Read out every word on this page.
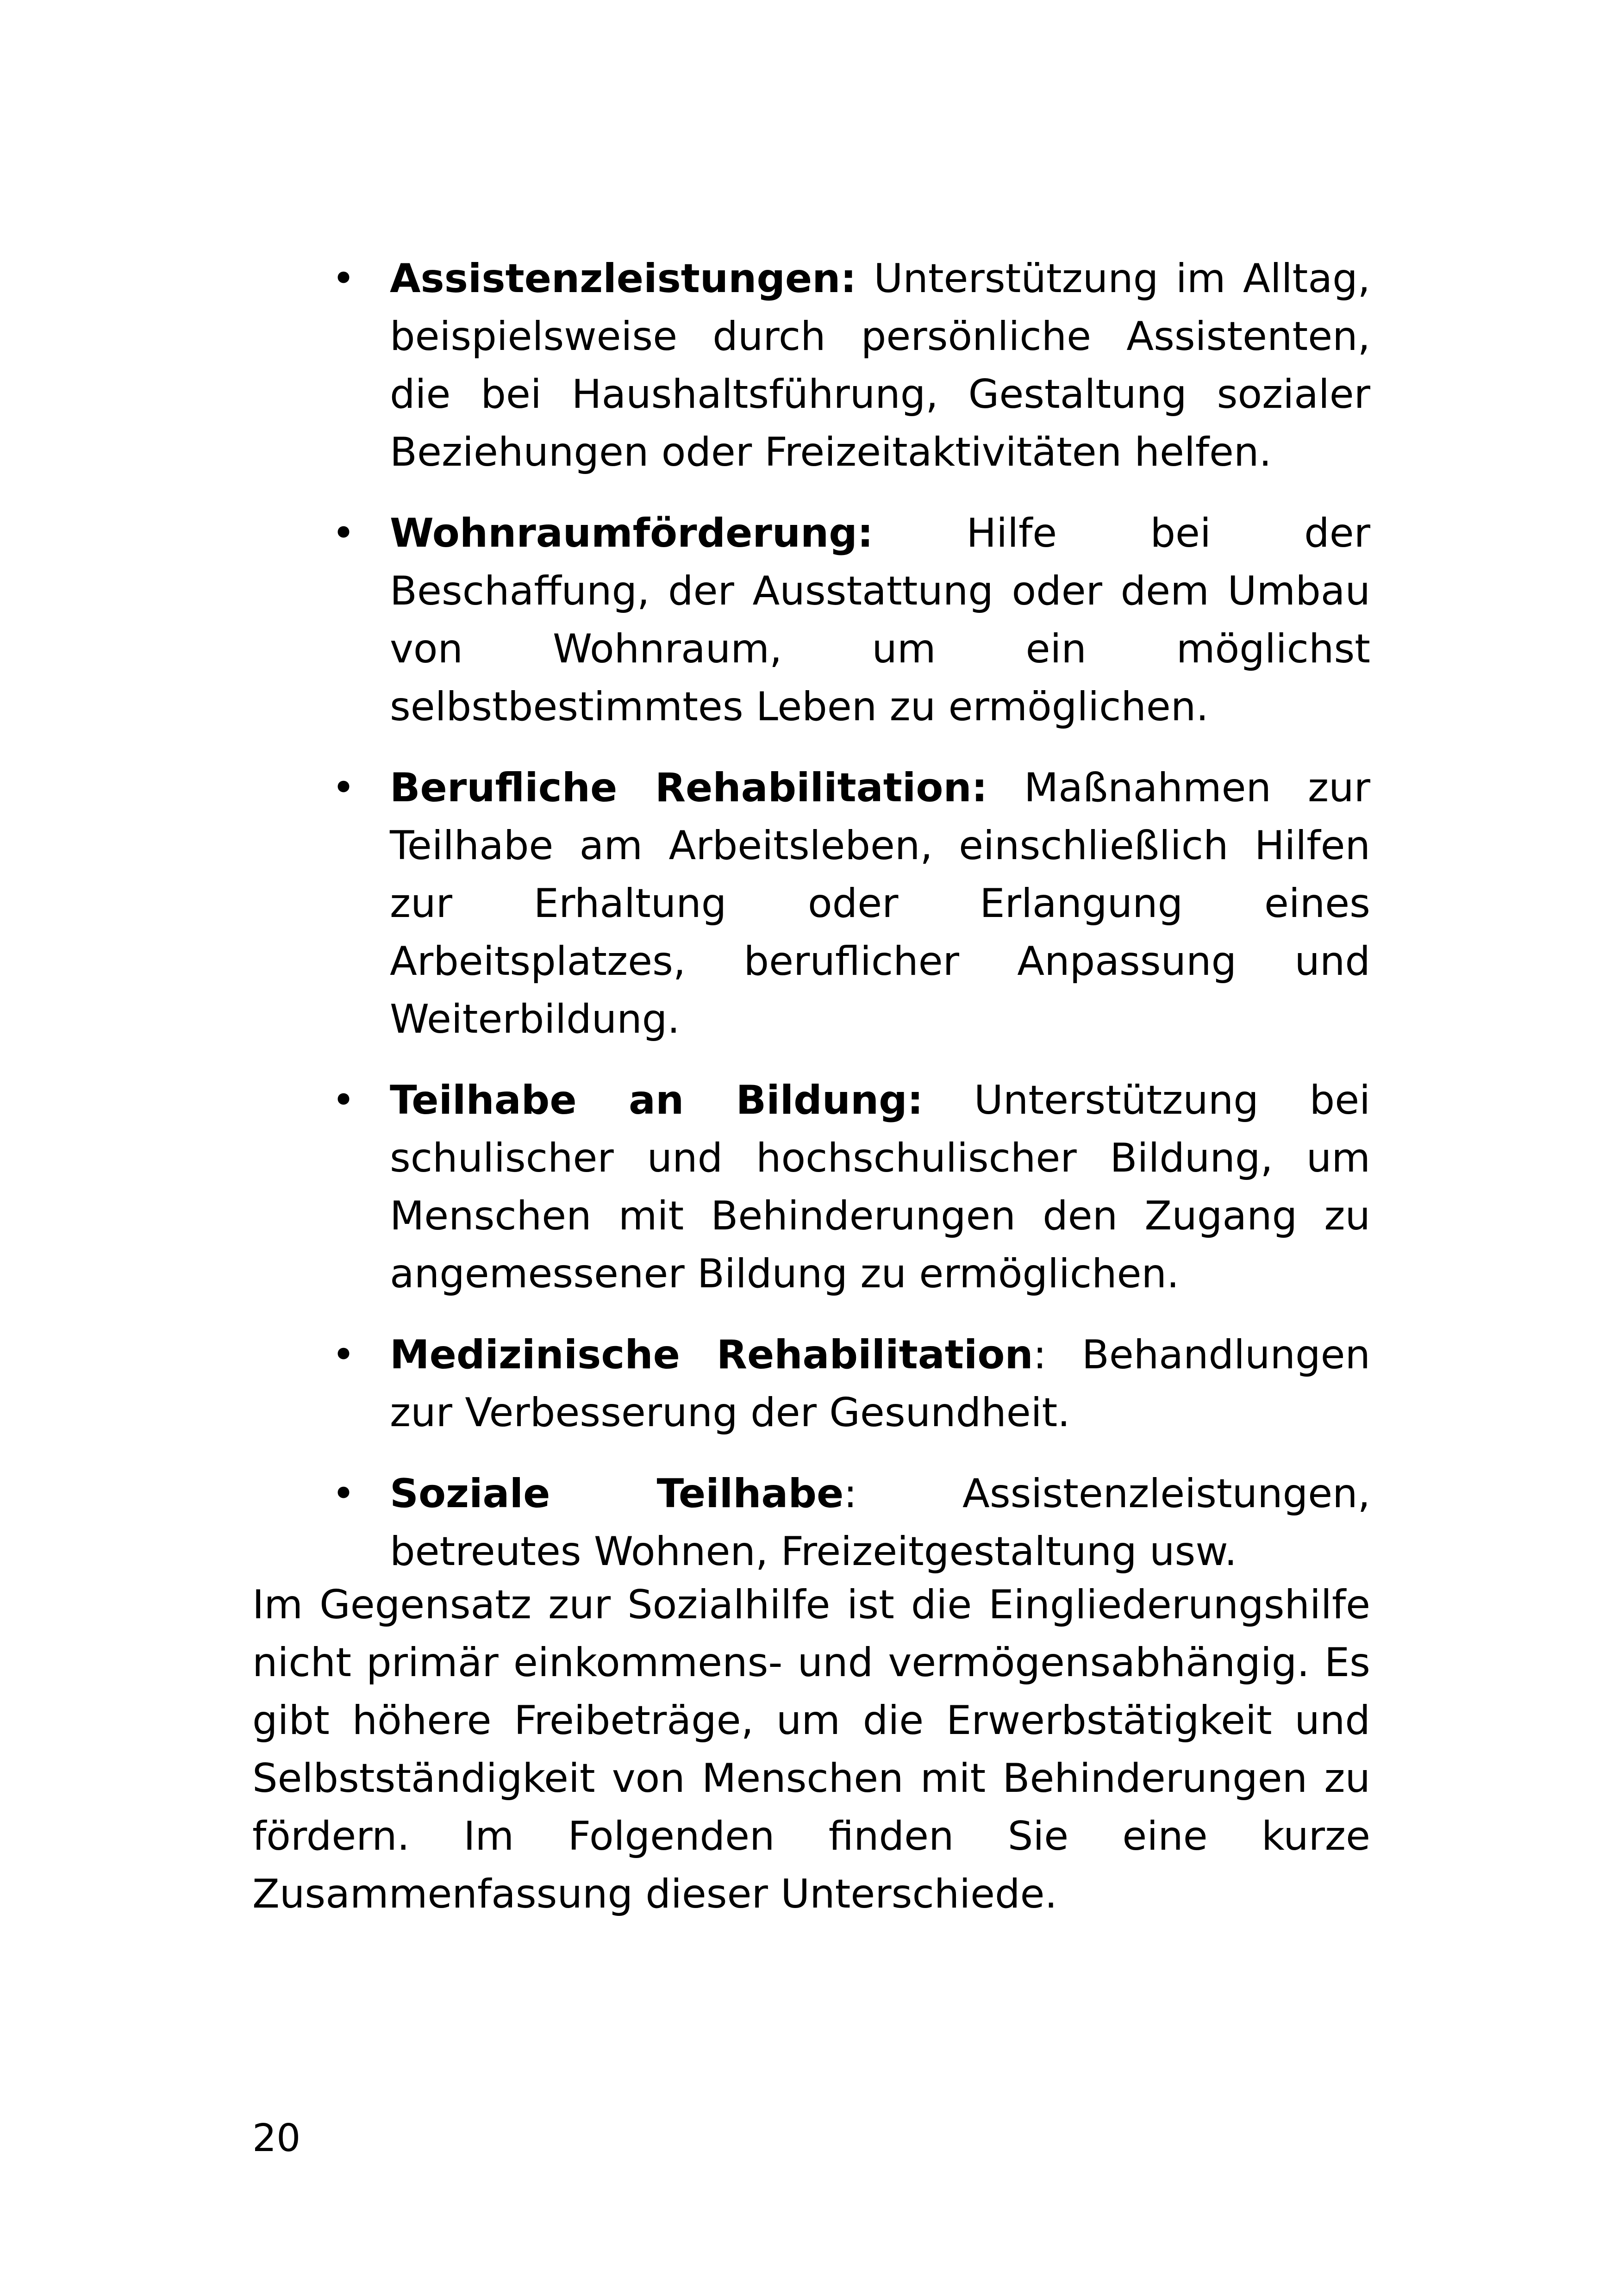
• Assistenzleistungen: Unterstützung im Alltag, beispielsweise durch persönliche Assistenten, die bei Haushaltsführung, Gestaltung sozialer Beziehungen oder Freizeitaktivitäten helfen.
• Wohnraumförderung: Hilfe bei der Beschaffung, der Ausstattung oder dem Umbau von Wohnraum, um ein möglichst selbstbestimmtes Leben zu ermöglichen.
• Berufliche Rehabilitation: Maßnahmen zur Teilhabe am Arbeitsleben, einschließlich Hilfen zur Erhaltung oder Erlangung eines Arbeitsplatzes, beruflicher Anpassung und Weiterbildung.
• Teilhabe an Bildung: Unterstützung bei schulischer und hochschulischer Bildung, um Menschen mit Behinderungen den Zugang zu angemessener Bildung zu ermöglichen.
• Medizinische Rehabilitation: Behandlungen zur Verbesserung der Gesundheit.
• Soziale Teilhabe: Assistenzleistungen, betreutes Wohnen, Freizeitgestaltung usw.

Im Gegensatz zur Sozialhilfe ist die Eingliederungshilfe nicht primär einkommens- und vermögensabhängig. Es gibt höhere Freibeträge, um die Erwerbstätigkeit und Selbstständigkeit von Menschen mit Behinderungen zu fördern. Im Folgenden finden Sie eine kurze Zusammenfassung dieser Unterschiede.

20
